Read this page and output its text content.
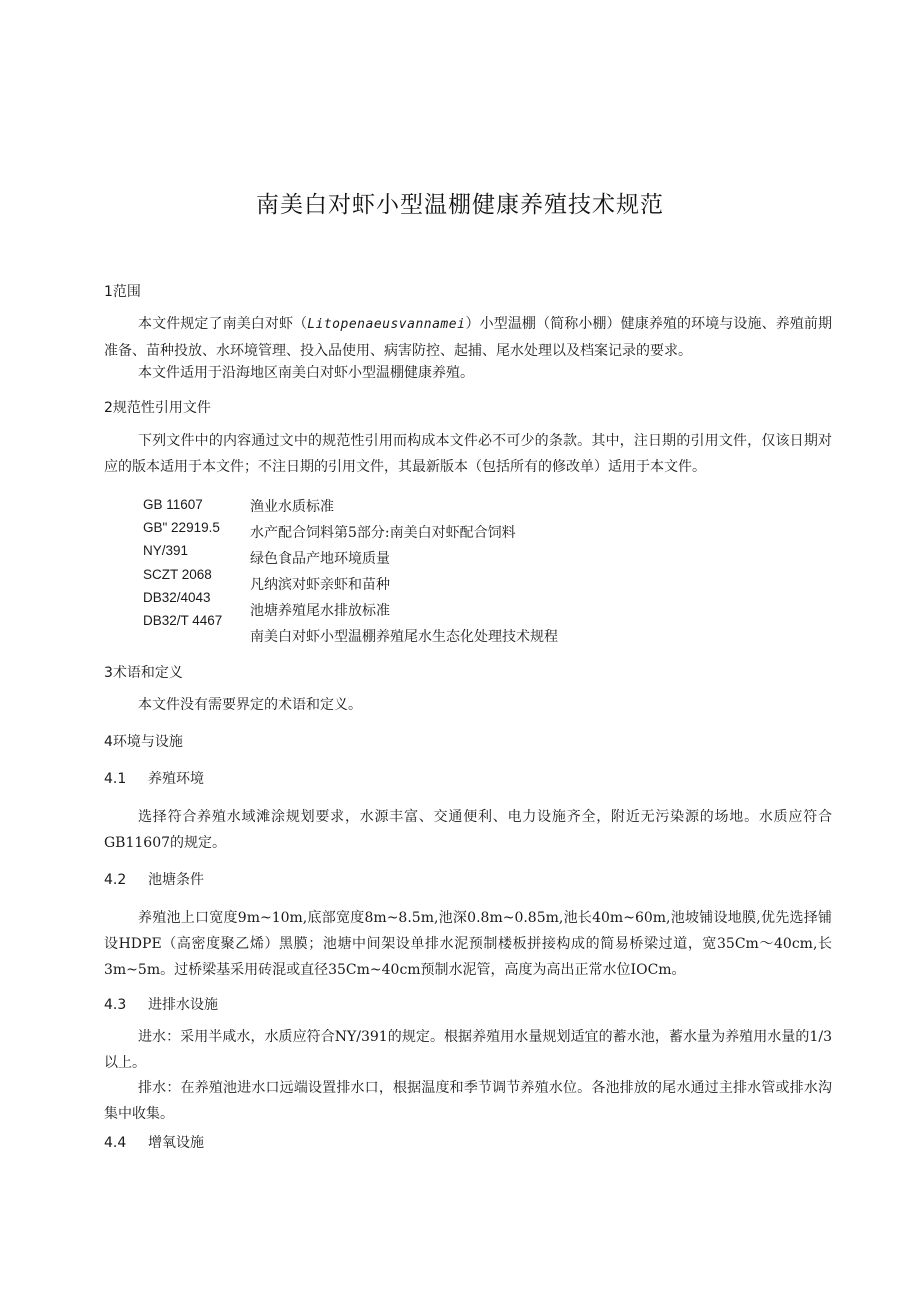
南美白对虾小型温棚健康养殖技术规范
1范围
本文件规定了南美白对虾（Litopenaeusvannamei）小型温棚（简称小棚）健康养殖的环境与设施、养殖前期准备、苗种投放、水环境管理、投入品使用、病害防控、起捕、尾水处理以及档案记录的要求。
本文件适用于沿海地区南美白对虾小型温棚健康养殖。
2规范性引用文件
下列文件中的内容通过文中的规范性引用而构成本文件必不可少的条款。其中，注日期的引用文件，仅该日期对应的版本适用于本文件；不注日期的引用文件，其最新版本（包括所有的修改单）适用于本文件。
GB 11607
GB" 22919.5
NY/391
SCZT 2068
DB32/4043
DB32/T 4467
渔业水质标准
水产配合饲料第5部分:南美白对虾配合饲料
绿色食品产地环境质量
凡纳滨对虾亲虾和苗种
池塘养殖尾水排放标准
南美白对虾小型温棚养殖尾水生态化处理技术规程
3术语和定义
本文件没有需要界定的术语和定义。
4环境与设施
4.1 养殖环境
选择符合养殖水域滩涂规划要求，水源丰富、交通便利、电力设施齐全，附近无污染源的场地。水质应符合GB11607的规定。
4.2 池塘条件
养殖池上口宽度9m~10m,底部宽度8m~8.5m,池深0.8m~0.85m,池长40m~60m,池坡铺设地膜,优先选择铺设HDPE（高密度聚乙烯）黑膜；池塘中间架设单排水泥预制楼板拼接构成的简易桥梁过道，宽35Cm～40cm,长3m~5m。过桥梁基采用砖混或直径35Cm~40cm预制水泥管，高度为高出正常水位IOCm。
4.3 进排水设施
进水：采用半咸水，水质应符合NY/391的规定。根据养殖用水量规划适宜的蓄水池，蓄水量为养殖用水量的1/3以上。
排水：在养殖池进水口远端设置排水口，根据温度和季节调节养殖水位。各池排放的尾水通过主排水管或排水沟集中收集。
4.4 增氧设施
